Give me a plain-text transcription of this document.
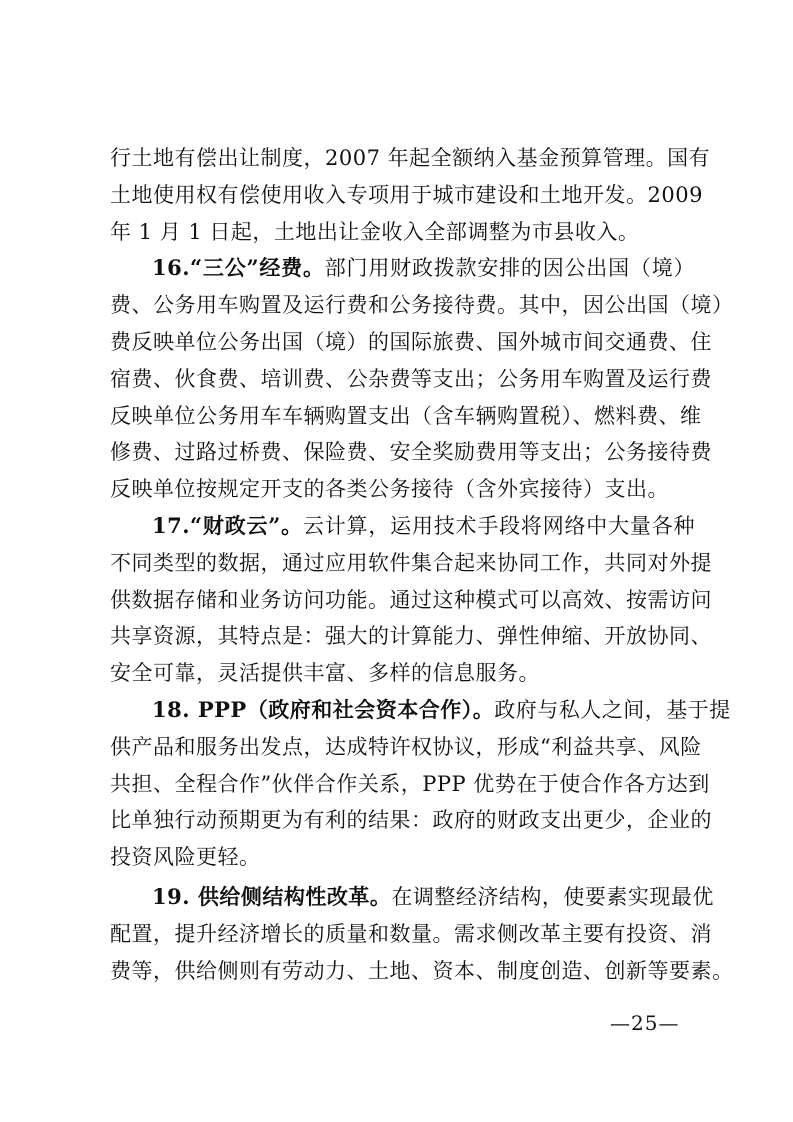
行土地有偿出让制度，2007 年起全额纳入基金预算管理。国有
土地使用权有偿使用收入专项用于城市建设和土地开发。2009
年 1 月 1 日起，土地出让金收入全部调整为市县收入。
16.“三公”经费。部门用财政拨款安排的因公出国（境）
费、公务用车购置及运行费和公务接待费。其中，因公出国（境）
费反映单位公务出国（境）的国际旅费、国外城市间交通费、住
宿费、伙食费、培训费、公杂费等支出；公务用车购置及运行费
反映单位公务用车车辆购置支出（含车辆购置税）、燃料费、维
修费、过路过桥费、保险费、安全奖励费用等支出；公务接待费
反映单位按规定开支的各类公务接待（含外宾接待）支出。
17.“财政云”。云计算，运用技术手段将网络中大量各种
不同类型的数据，通过应用软件集合起来协同工作，共同对外提
供数据存储和业务访问功能。通过这种模式可以高效、按需访问
共享资源，其特点是：强大的计算能力、弹性伸缩、开放协同、
安全可靠，灵活提供丰富、多样的信息服务。
18. PPP（政府和社会资本合作）。政府与私人之间，基于提
供产品和服务出发点，达成特许权协议，形成“利益共享、风险
共担、全程合作”伙伴合作关系，PPP 优势在于使合作各方达到
比单独行动预期更为有利的结果：政府的财政支出更少，企业的
投资风险更轻。
19. 供给侧结构性改革。在调整经济结构，使要素实现最优
配置，提升经济增长的质量和数量。需求侧改革主要有投资、消
费等，供给侧则有劳动力、土地、资本、制度创造、创新等要素。
—25—
